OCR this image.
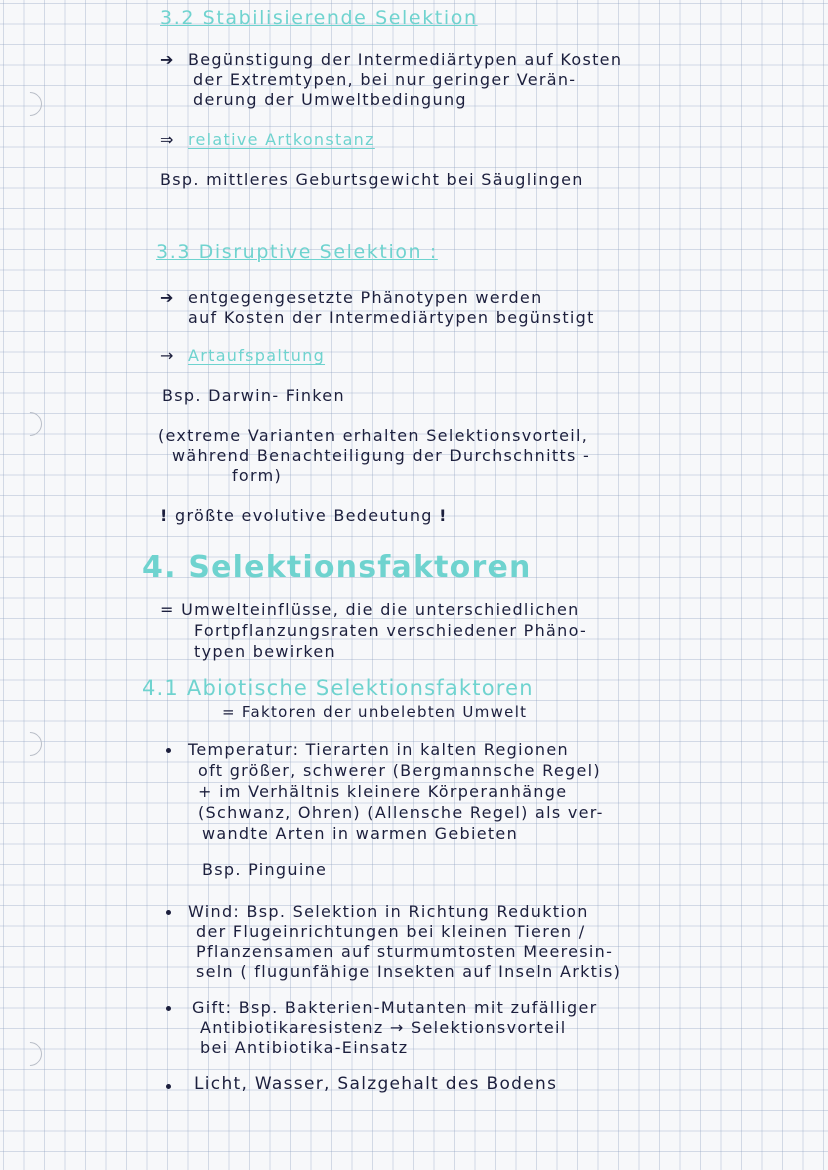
3.2 Stabilisierende Selektion
➔ Begünstigung der Intermediärtypen auf Kosten
der Extremtypen, bei nur geringer Verän-
derung der Umweltbedingung
⇒ relative Artkonstanz
Bsp. mittleres Geburtsgewicht bei Säuglingen
3.3 Disruptive Selektion :
➔ entgegengesetzte Phänotypen werden
auf Kosten der Intermediärtypen begünstigt
→ Artaufspaltung
Bsp. Darwin- Finken
(extreme Varianten erhalten Selektionsvorteil,
während Benachteiligung der Durchschnitts -
form)
! größte evolutive Bedeutung !
4. Selektionsfaktoren
= Umwelteinflüsse, die die unterschiedlichen
Fortpflanzungsraten verschiedener Phäno-
typen bewirken
4.1 Abiotische Selektionsfaktoren
= Faktoren der unbelebten Umwelt
Temperatur: Tierarten in kalten Regionen
oft größer, schwerer (Bergmannsche Regel)
+ im Verhältnis kleinere Körperanhänge
(Schwanz, Ohren) (Allensche Regel) als ver-
wandte Arten in warmen Gebieten
Bsp. Pinguine
Wind: Bsp. Selektion in Richtung Reduktion
der Flugeinrichtungen bei kleinen Tieren /
Pflanzensamen auf sturmumtosten Meeresin-
seln ( flugunfähige Insekten auf Inseln Arktis)
Gift: Bsp. Bakterien-Mutanten mit zufälliger
Antibiotikaresistenz → Selektionsvorteil
bei Antibiotika-Einsatz
Licht, Wasser, Salzgehalt des Bodens
